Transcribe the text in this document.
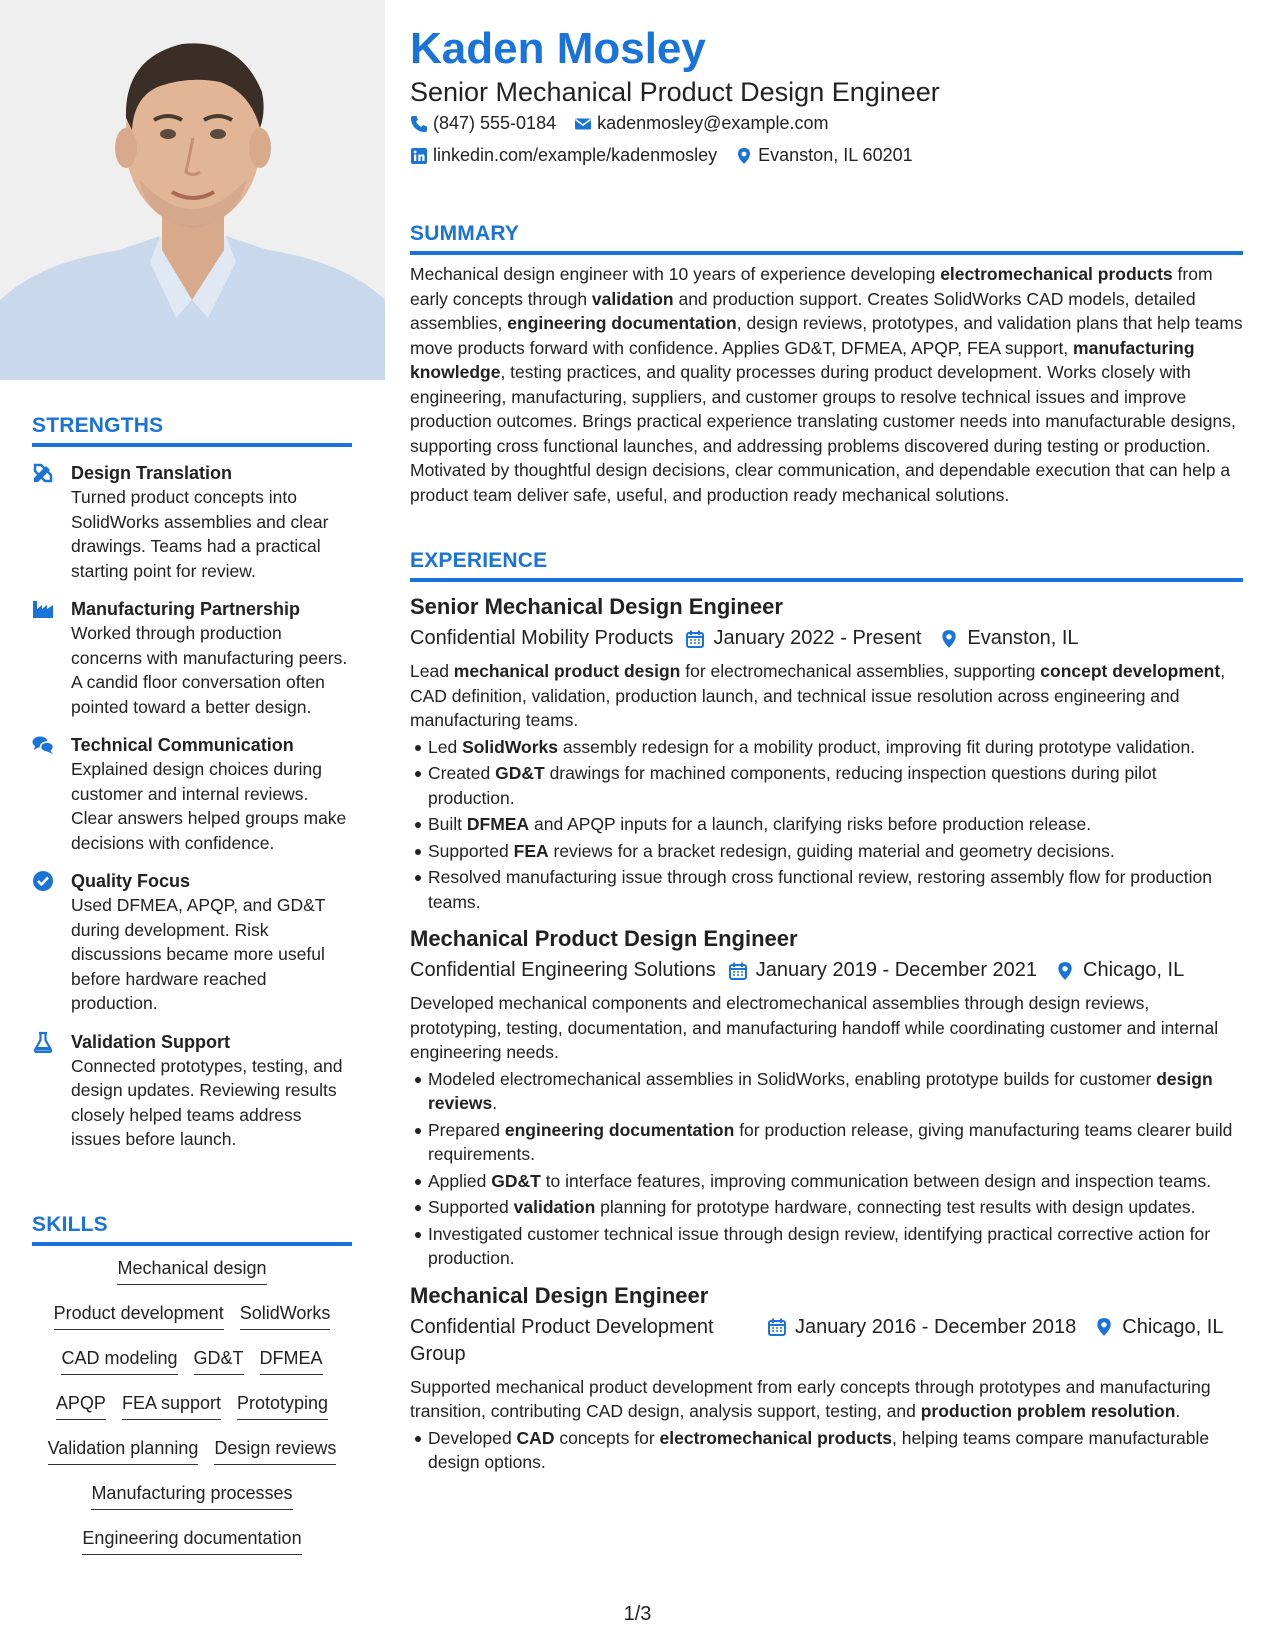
STRENGTHS
Design Translation
Turned product concepts into SolidWorks assemblies and clear drawings. Teams had a practical starting point for review.
Manufacturing Partnership
Worked through production concerns with manufacturing peers. A candid floor conversation often pointed toward a better design.
Technical Communication
Explained design choices during customer and internal reviews. Clear answers helped groups make decisions with confidence.
Quality Focus
Used DFMEA, APQP, and GD&T during development. Risk discussions became more useful before hardware reached production.
Validation Support
Connected prototypes, testing, and design updates. Reviewing results closely helped teams address issues before launch.
SKILLS
Mechanical design
Product development SolidWorks
CAD modeling GD&T DFMEA
APQP FEA support Prototyping
Validation planning Design reviews
Manufacturing processes
Engineering documentation
Kaden Mosley
Senior Mechanical Product Design Engineer
(847) 555-0184 kadenmosley@example.com
linkedin.com/example/kadenmosley Evanston, IL 60201
SUMMARY
Mechanical design engineer with 10 years of experience developing electromechanical products from early concepts through validation and production support. Creates SolidWorks CAD models, detailed assemblies, engineering documentation, design reviews, prototypes, and validation plans that help teams move products forward with confidence. Applies GD&T, DFMEA, APQP, FEA support, manufacturing knowledge, testing practices, and quality processes during product development. Works closely with engineering, manufacturing, suppliers, and customer groups to resolve technical issues and improve production outcomes. Brings practical experience translating customer needs into manufacturable designs, supporting cross functional launches, and addressing problems discovered during testing or production. Motivated by thoughtful design decisions, clear communication, and dependable execution that can help a product team deliver safe, useful, and production ready mechanical solutions.
EXPERIENCE
Senior Mechanical Design Engineer
Confidential Mobility Products January 2022 - Present Evanston, IL
Lead mechanical product design for electromechanical assemblies, supporting concept development, CAD definition, validation, production launch, and technical issue resolution across engineering and manufacturing teams.
Led SolidWorks assembly redesign for a mobility product, improving fit during prototype validation.
Created GD&T drawings for machined components, reducing inspection questions during pilot production.
Built DFMEA and APQP inputs for a launch, clarifying risks before production release.
Supported FEA reviews for a bracket redesign, guiding material and geometry decisions.
Resolved manufacturing issue through cross functional review, restoring assembly flow for production teams.
Mechanical Product Design Engineer
Confidential Engineering Solutions January 2019 - December 2021 Chicago, IL
Developed mechanical components and electromechanical assemblies through design reviews, prototyping, testing, documentation, and manufacturing handoff while coordinating customer and internal engineering needs.
Modeled electromechanical assemblies in SolidWorks, enabling prototype builds for customer design reviews.
Prepared engineering documentation for production release, giving manufacturing teams clearer build requirements.
Applied GD&T to interface features, improving communication between design and inspection teams.
Supported validation planning for prototype hardware, connecting test results with design updates.
Investigated customer technical issue through design review, identifying practical corrective action for production.
Mechanical Design Engineer
Confidential Product Development Group
January 2016 - December 2018 Chicago, IL
Supported mechanical product development from early concepts through prototypes and manufacturing transition, contributing CAD design, analysis support, testing, and production problem resolution.
Developed CAD concepts for electromechanical products, helping teams compare manufacturable design options.
1/3
